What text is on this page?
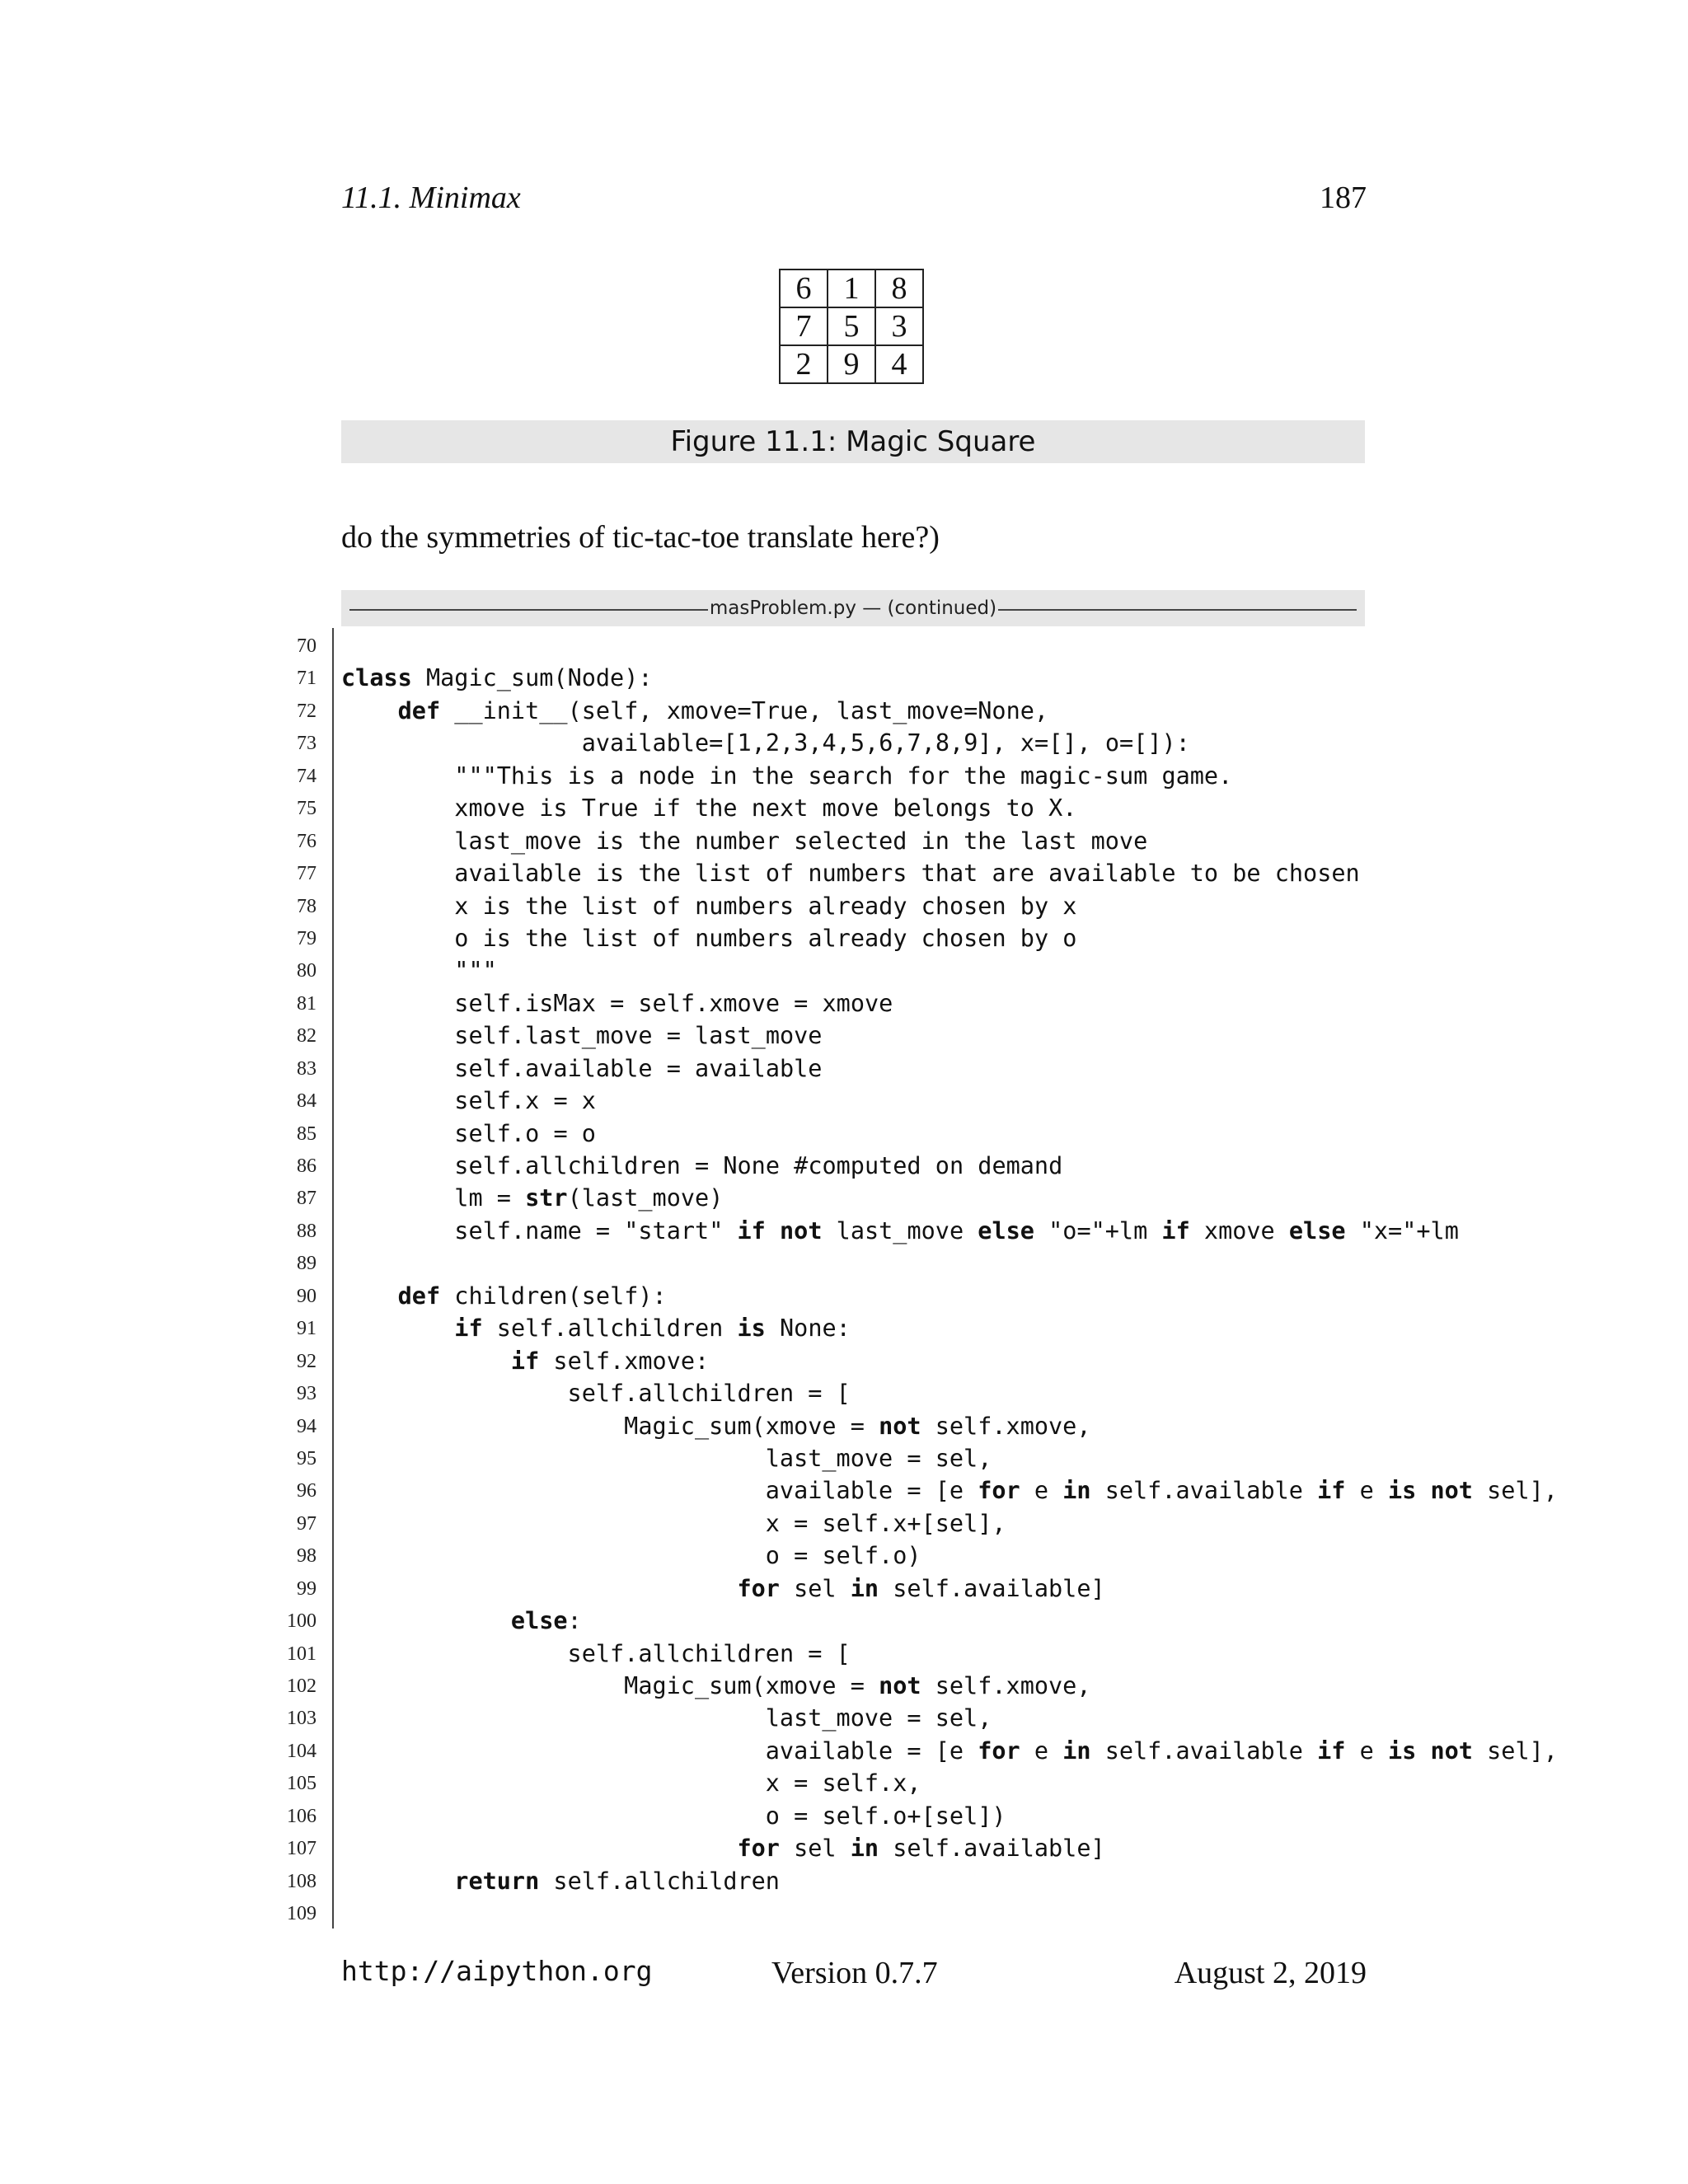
11.1. Minimax	187
6	1	8
7	5	3
2	9	4
Figure 11.1: Magic Square
do the symmetries of tic-tac-toe translate here?)
masProblem.py — (continued)
70
71 class Magic_sum(Node):
72	def __init__(self, xmove=True, last_move=None,
73	available=[1,2,3,4,5,6,7,8,9], x=[], o=[]):
74	"""This is a node in the search for the magic-sum game.
75	xmove is True if the next move belongs to X.
76	last_move is the number selected in the last move
77	available is the list of numbers that are available to be chosen
78	x is the list of numbers already chosen by x
79	o is the list of numbers already chosen by o
80	"""
81	self.isMax = self.xmove = xmove
82	self.last_move = last_move
83	self.available = available
84	self.x = x
85	self.o = o
86	self.allchildren = None #computed on demand
87	lm = str(last_move)
88	self.name = "start" if not last_move else "o="+lm if xmove else "x="+lm
89
90	def children(self):
91	if self.allchildren is None:
92	if self.xmove:
93	self.allchildren = [
94	Magic_sum(xmove = not self.xmove,
95	last_move = sel,
96	available = [e for e in self.available if e is not sel],
97	x = self.x+[sel],
98	o = self.o)
99	for sel in self.available]
100	else:
101	self.allchildren = [
102	Magic_sum(xmove = not self.xmove,
103	last_move = sel,
104	available = [e for e in self.available if e is not sel],
105	x = self.x,
106	o = self.o+[sel])
107	for sel in self.available]
108	return self.allchildren
109
http://aipython.org	Version 0.7.7	August 2, 2019
